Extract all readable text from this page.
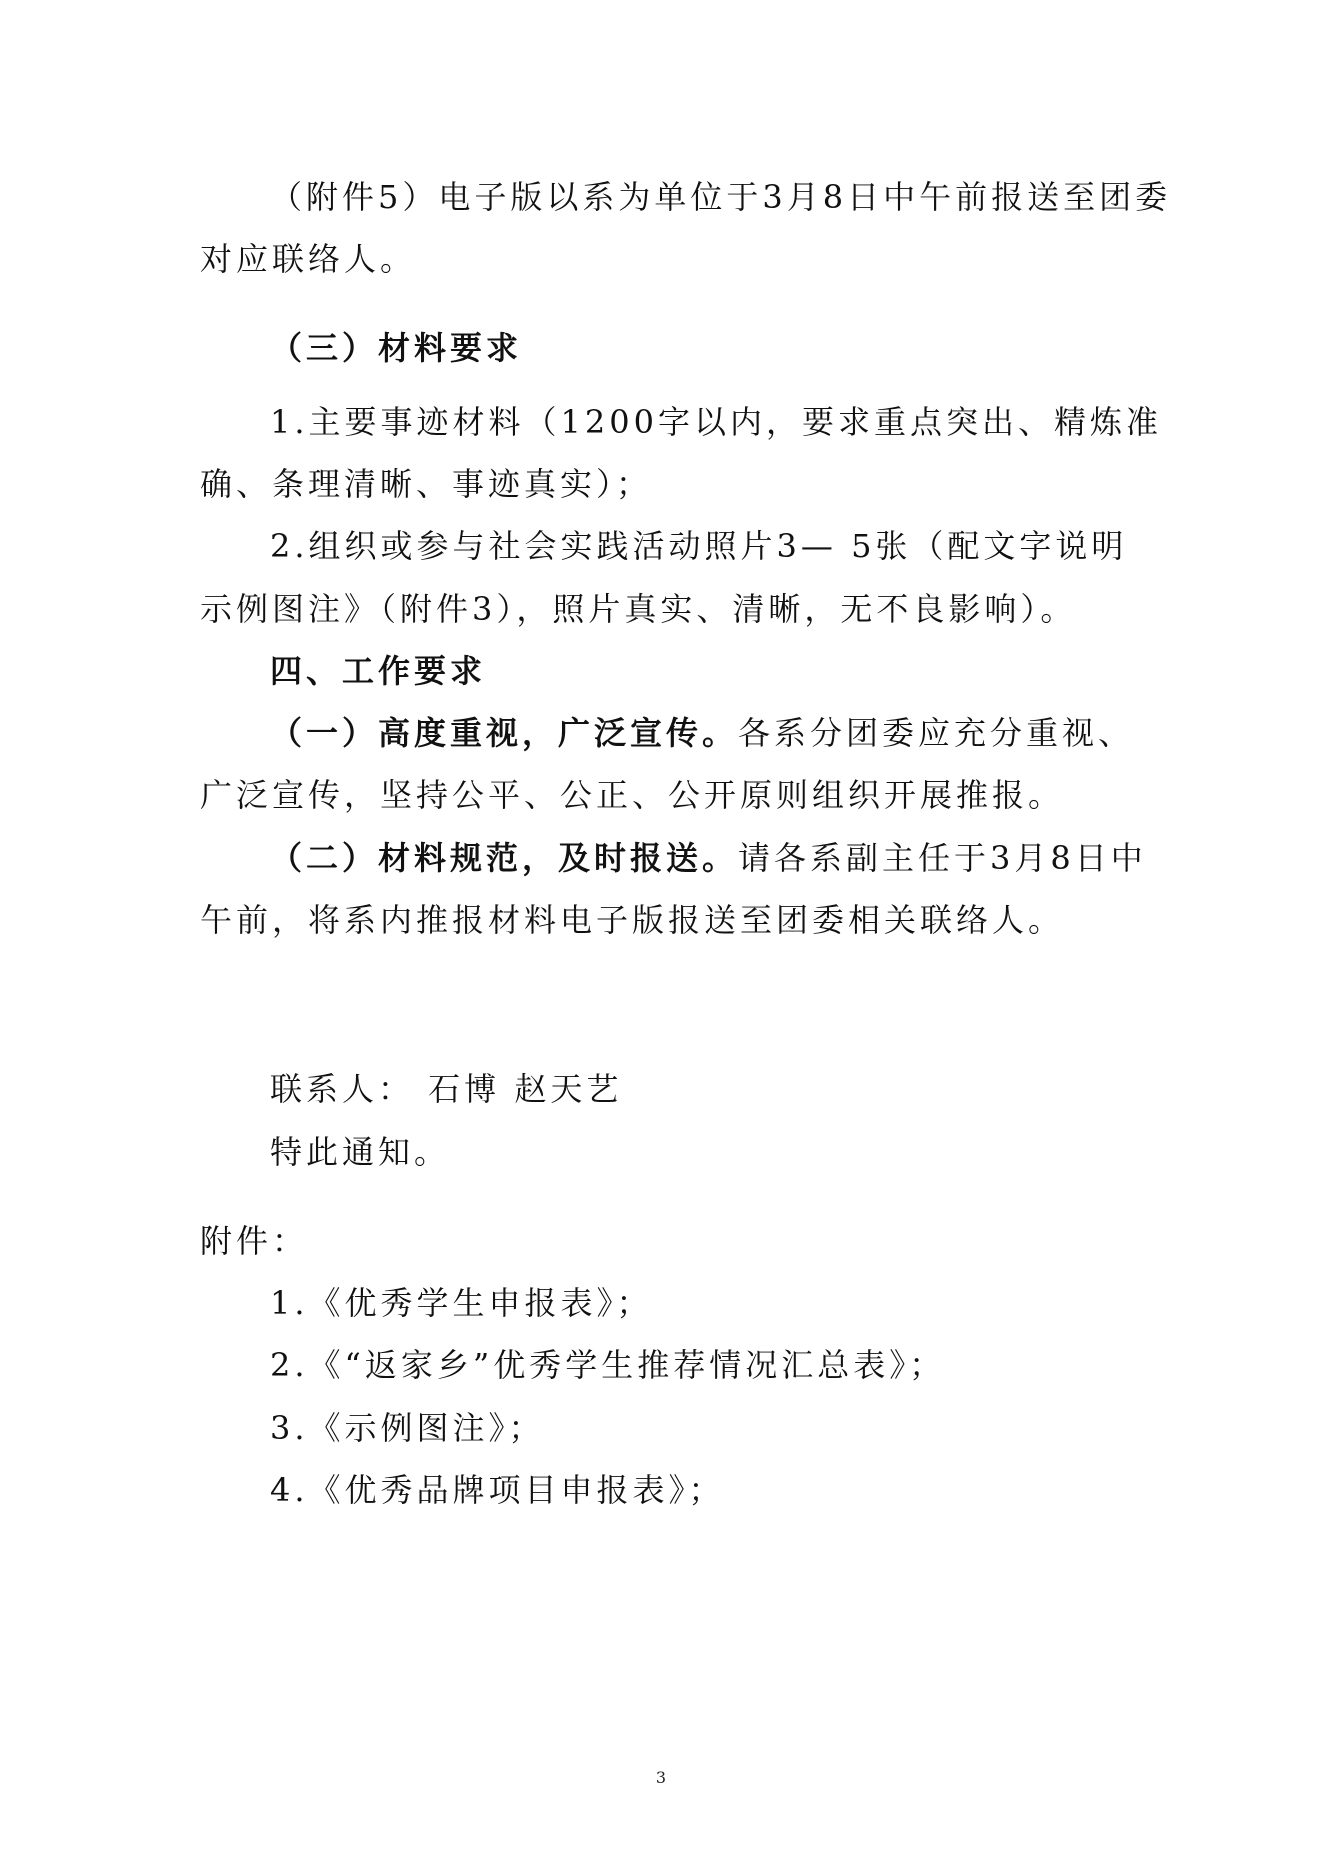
（附件5）电子版以系为单位于3月8日中午前报送至团委
对应联络人。
（三）材料要求
1.主要事迹材料（1200字以内，要求重点突出、精炼准
确、条理清晰、事迹真实）；
2.组织或参与社会实践活动照片3— 5张（配文字说明
示例图注》（附件3），照片真实、清晰，无不良影响）。
四、工作要求
（一）高度重视，广泛宣传。各系分团委应充分重视、
广泛宣传，坚持公平、公正、公开原则组织开展推报。
（二）材料规范，及时报送。请各系副主任于3月8日中
午前，将系内推报材料电子版报送至团委相关联络人。
联系人： 石博 赵天艺
特此通知。
附件：
1.《优秀学生申报表》；
2.《“返家乡”优秀学生推荐情况汇总表》；
3.《示例图注》；
4.《优秀品牌项目申报表》；
3
